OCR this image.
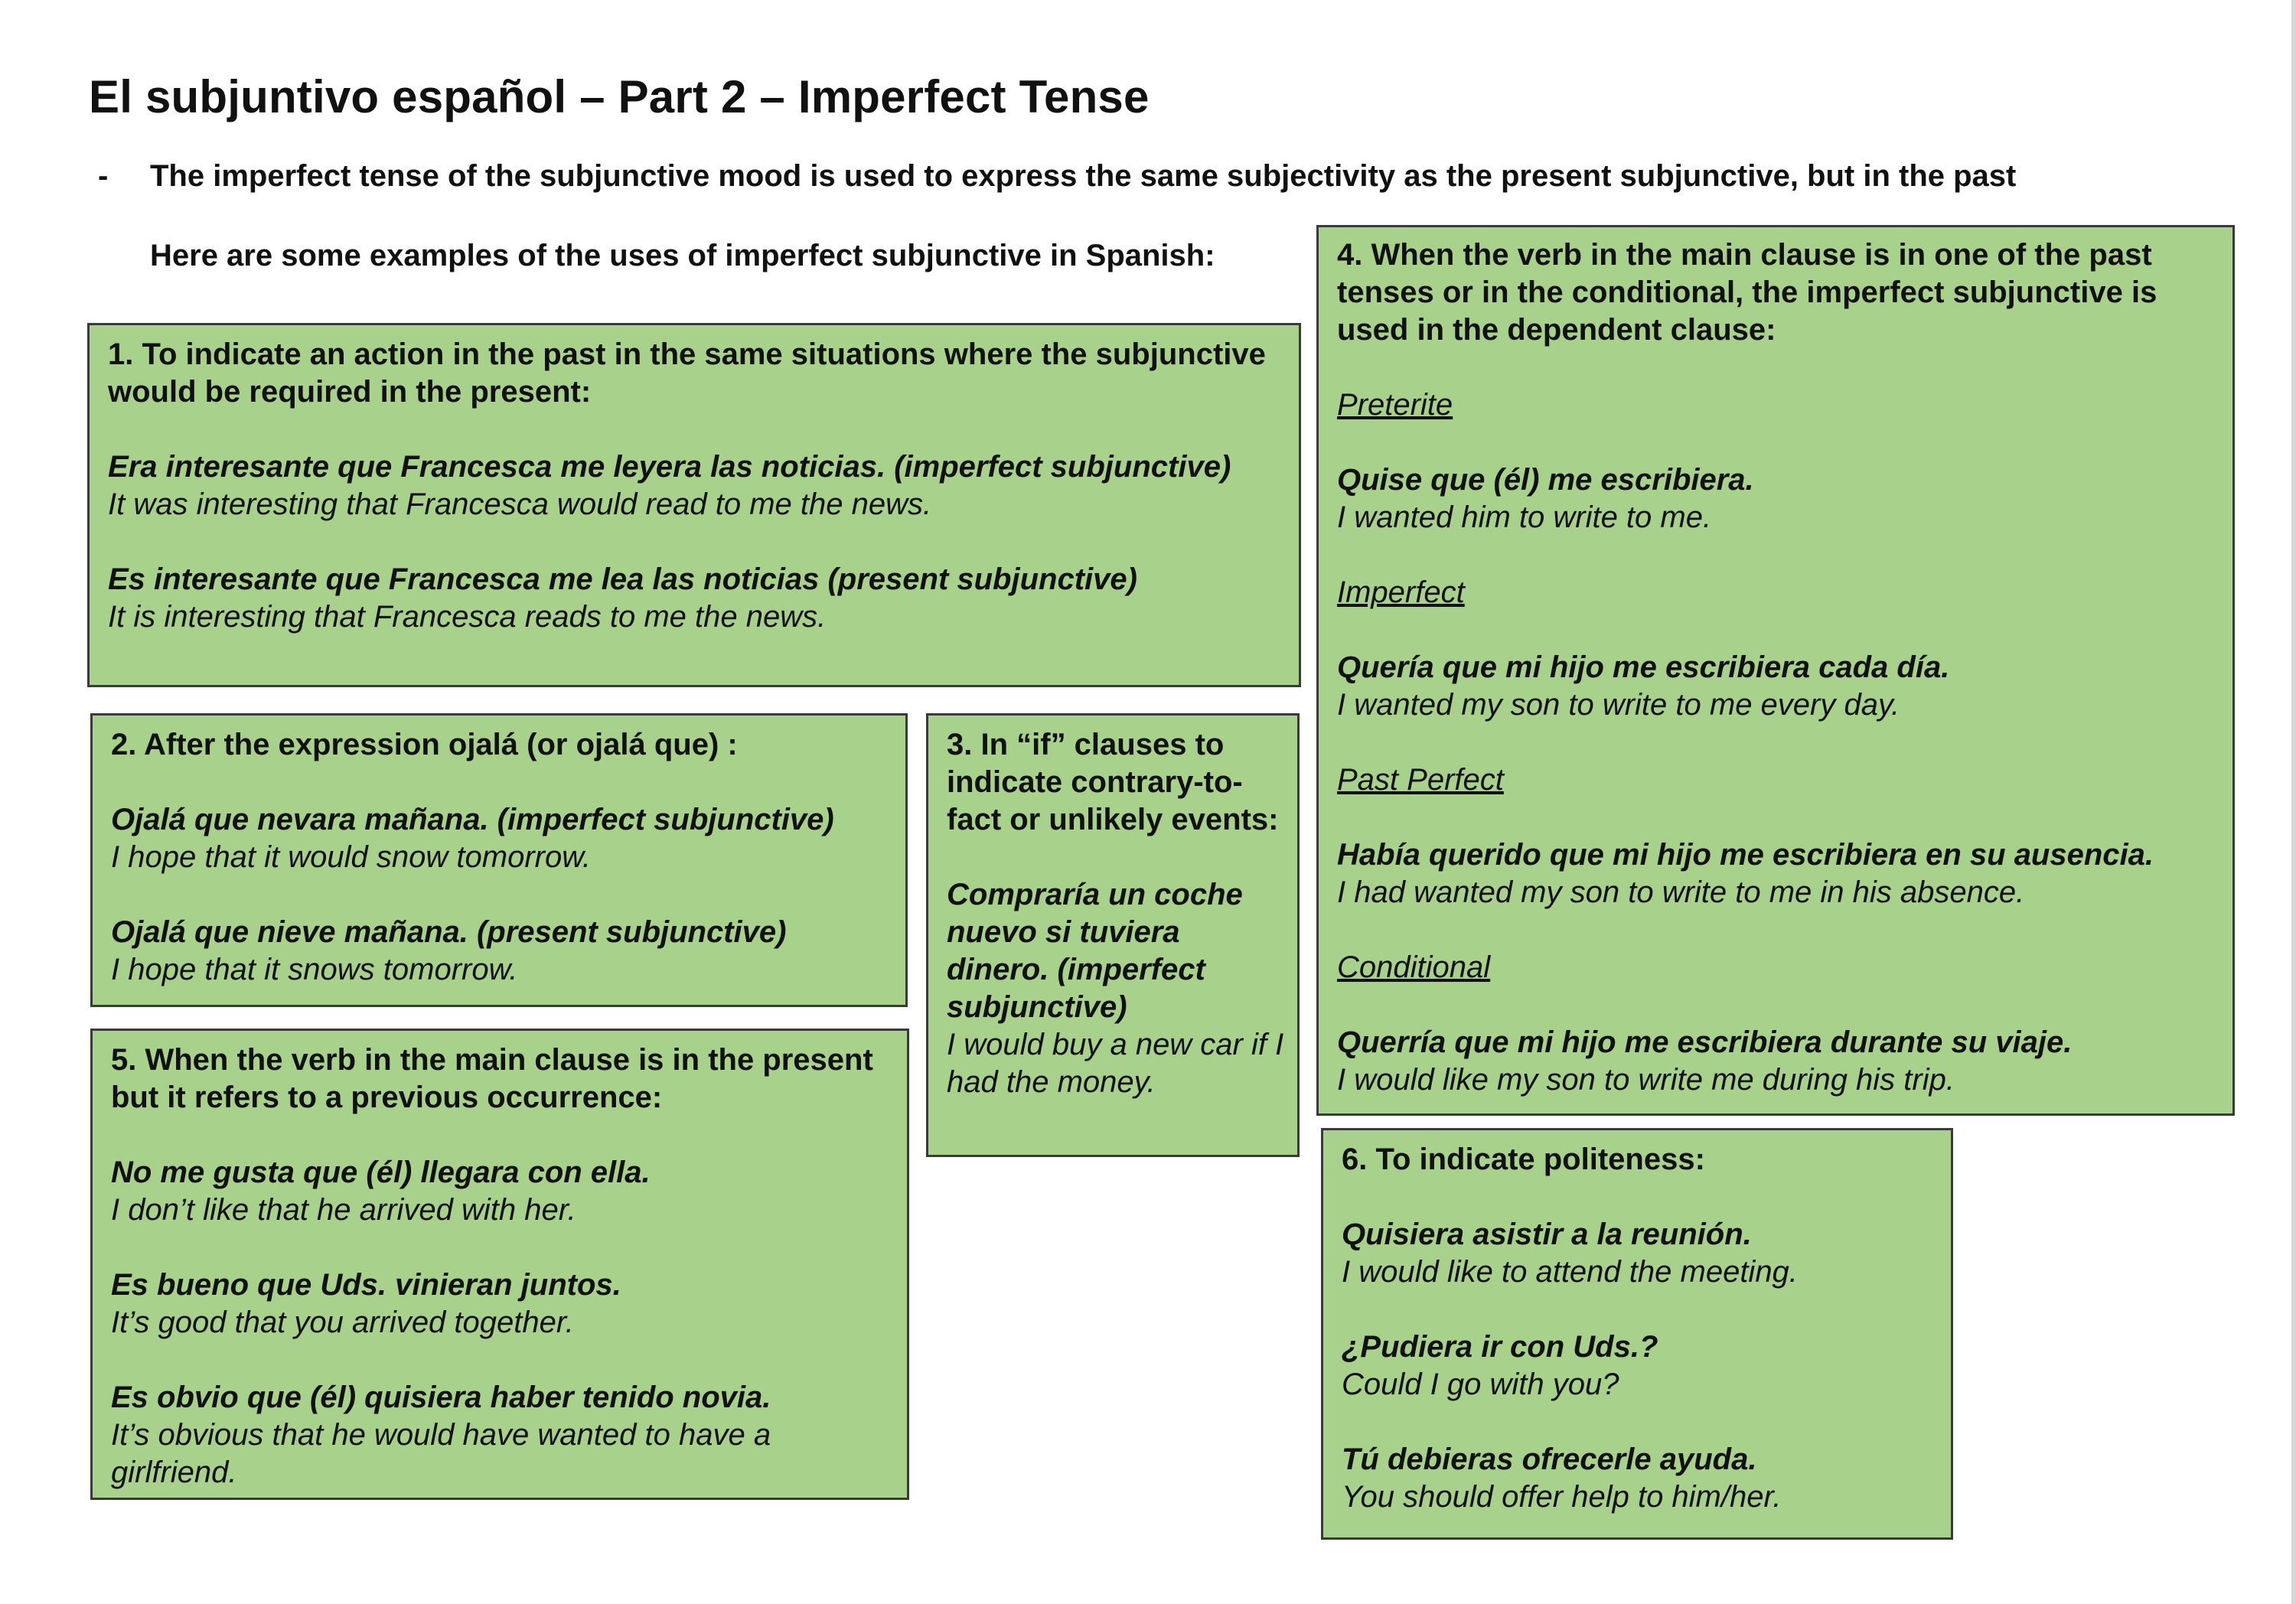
El subjuntivo español – Part 2 – Imperfect Tense
- The imperfect tense of the subjunctive mood is used to express the same subjectivity as the present subjunctive, but in the past
Here are some examples of the uses of imperfect subjunctive in Spanish:
1. To indicate an action in the past in the same situations where the subjunctive would be required in the present:
Era interesante que Francesca me leyera las noticias. (imperfect subjunctive)
It was interesting that Francesca would read to me the news.
Es interesante que Francesca me lea las noticias (present subjunctive)
It is interesting that Francesca reads to me the news.
2. After the expression ojalá (or ojalá que) :
Ojalá que nevara mañana. (imperfect subjunctive)
I hope that it would snow tomorrow.
Ojalá que nieve mañana. (present subjunctive)
I hope that it snows tomorrow.
3. In “if” clauses to indicate contrary-to-fact or unlikely events:
Compraría un coche nuevo si tuviera dinero. (imperfect subjunctive)
I would buy a new car if I had the money.
4. When the verb in the main clause is in one of the past tenses or in the conditional, the imperfect subjunctive is used in the dependent clause:
Preterite
Quise que (él) me escribiera.
I wanted him to write to me.
Imperfect
Quería que mi hijo me escribiera cada día.
I wanted my son to write to me every day.
Past Perfect
Había querido que mi hijo me escribiera en su ausencia.
I had wanted my son to write to me in his absence.
Conditional
Querría que mi hijo me escribiera durante su viaje.
I would like my son to write me during his trip.
5. When the verb in the main clause is in the present but it refers to a previous occurrence:
No me gusta que (él) llegara con ella.
I don’t like that he arrived with her.
Es bueno que Uds. vinieran juntos.
It’s good that you arrived together.
Es obvio que (él) quisiera haber tenido novia.
It’s obvious that he would have wanted to have a girlfriend.
6. To indicate politeness:
Quisiera asistir a la reunión.
I would like to attend the meeting.
¿Pudiera ir con Uds.?
Could I go with you?
Tú debieras ofrecerle ayuda.
You should offer help to him/her.
